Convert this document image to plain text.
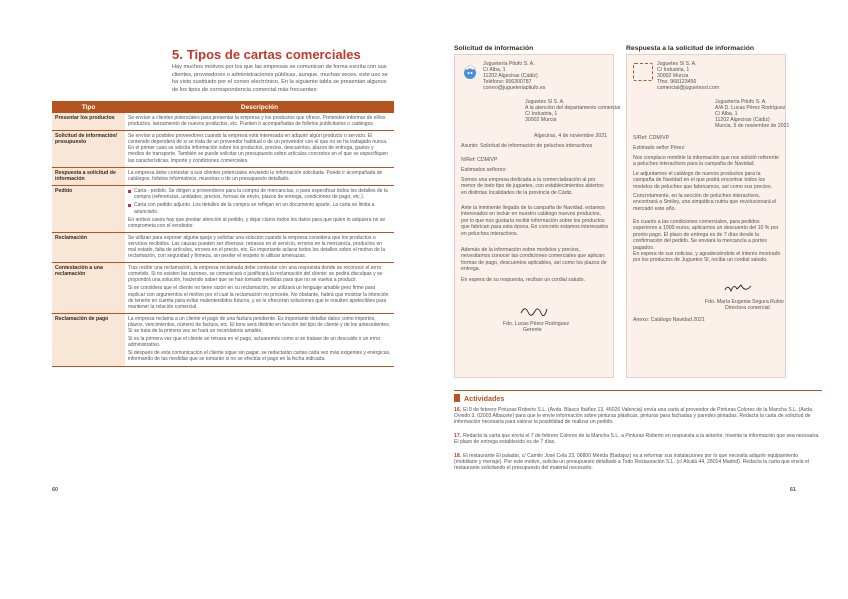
5. Tipos de cartas comerciales
Hay muchos motivos por los que las empresas se comunican de forma escrita con sus clientes, proveedores o administraciones públicas, aunque, muchas veces, este uso se ha visto sustituido por el correo electrónico. En la siguiente tabla se presentan algunos de los tipos de correspondencia comercial más frecuentes:
Tipo	Descripción
Presentar los productos	Se envían a clientes potenciales para presentar la empresa y los productos que ofrece. Pretenden informar de el/los productos, lanzamiento de nuevos productos, etc. Pueden ir acompañadas de folletos publicitarios o catálogos.

Solicitud de información/ presupuesto	Se envían a posibles proveedores cuando la empresa está interesada en adquirir algún producto o servicio. El contenido dependerá de si se trata de un proveedor habitual o de un proveedor con el que no se ha trabajado nunca. En el primer caso se solicita información sobre los productos, precios, descuentos, plazos de entrega, gastos y medios de transporte. También se puede solicitar un presupuesto sobre artículos concretos en el que se especifiquen las características, importe y condiciones comerciales.

Respuesta a solicitud de información	La empresa debe contestar a sus clientes potenciales enviando la información solicitada. Puede ir acompañada de catálogos, folletos informativos, muestras o de un presupuesto detallado.

Pedido	Carta - pedido. Se dirigen a proveedores para la compra de mercancías, o para especificar todos los detalles de la compra (referencias, unidades, precios, formas de envío, plazos de entrega, condiciones de pago, etc.).

Carta con pedido adjunto. Los detalles de la compra se reflejan en un documento aparte. La carta se limita a anunciarlo.

En ambos casos hay que prestar atención al pedido, y dejar claros todos los datos para que quien lo adquiera no se comprometa con el vendedor.

Reclamación	Se utilizan para exponer alguna queja y solicitar una solución cuando la empresa considera que los productos o servicios recibidos. Las causas pueden ser diversas: retrasos en el servicio, errores en la mercancía, productos en mal estado, falta de artículos, errores en el precio, etc. Es importante aclarar todos los detalles sobre el motivo de la reclamación, con seguridad y firmeza, sin perder el respeto ni utilizar amenazas.

Contestación a una reclamación	Tras recibir una reclamación, la empresa reclamada debe contestar con una respuesta donde se reconoce el error cometido. Si no existen las razones, se comunicará o justificará la reclamación del cliente: se pedirá disculpas y se propondrá una solución, haciendo saber que se han tomado medidas para que no se vuelva a producir.

Si se considera que el cliente no tiene razón en su reclamación, se utilizará un lenguaje amable pero firme para explicar con argumentos el motivo por el cual la reclamación no procede. No obstante, habrá que mostrar la intención de tenerle en cuenta para evitar malentendidos futuros, y se le ofrecerán soluciones que le resulten apetecibles para mantener la relación comercial.

Reclamación de pago	La empresa reclama a un cliente el pago de una factura pendiente. Es importante detallar datos como importes, plazos, vencimientos, número de factura, etc. El tono será distinto en función del tipo de cliente y de los antecedentes. Si se trata de la primera vez se hará un recordatorio amable.

Si es la primera vez que el cliente se retrasa en el pago, actuaremos como si se tratase de un descuido o un error administrativo.

Si después de esta comunicación el cliente sigue sin pagar, se redactarán cartas cada vez más exigentes y enérgicas, informando de las medidas que se tomarán si no se efectúa el pago en la fecha indicada.

60
Solicitud de información
Juguetería Pitufo S. A.
C/ Alba, 1
11202 Algeciras (Cádiz)
Teléfono: 956300787
correo@jugueteriapitufo.es
Juguetes Sl S. A.
A la atención del departamento comercial
C/ Industria, 1
30002 Murcia
Algeciras, 4 de noviembre 2021
Asunto: Solicitud de información de peluches interactivos
N/Ref: CDM/VP
Estimados señores:
Somos una empresa dedicada a la comercialización al por menor de todo tipo de juguetes, con establecimientos abiertos en distintas localidades de la provincia de Cádiz.
Ante la inminente llegada de la campaña de Navidad, estamos interesados en incluir en nuestro catálogo nuevos productos, por lo que nos gustaría recibir información sobre los productos que fabrican para esta época. En concreto estamos interesados en peluches interactivos.
Además de la información sobre modelos y precios, necesitamos conocer las condiciones comerciales que aplican: formas de pago, descuentos aplicables, así como los plazos de entrega.
En espera de su respuesta, reciban un cordial saludo.
Fdo. Lucas Pérez Rodríguez
Gerente
Respuesta a la solicitud de información
Juguetes Sl S. A.
C/ Industria, 1
30002 Murcia
Tfno. 968123456
comercial@juguetessl.com
Juguetería Pitufo S. A.
A/A D. Lucas Pérez Rodríguez
C/ Alba, 1
11202 Algeciras (Cádiz)
Murcia, 5 de noviembre de 2021
S/Ref: CDM/VP
Estimado señor Pérez:
Nos complace remitirle la información que nos solicitó referente a peluches interactivos para la campaña de Navidad.
Le adjuntamos el catálogo de nuevos productos para la campaña de Navidad en el que podrá encontrar todos los modelos de peluches que fabricamos, así como sus precios.
Concretamente, en la sección de peluches interactivos, encontrará a Smiley, una simpática nutria que revolucionará el mercado este año.
En cuanto a las condiciones comerciales, para pedidos superiores a 1000 euros, aplicamos un descuento del 10 % por pronto pago. El plazo de entrega es de 7 días desde la confirmación del pedido. Se enviará la mercancía a portes pagados.
En espera de sus noticias, y agradeciéndole el interés mostrado por los productos de Juguetes Sl, reciba un cordial saludo.
Fdo. María Eugenia Segura Rubio
Directora comercial
Anexo: Catálogo Navidad 2021
Actividades
16. El 8 de febrero Pinturas Roberto S.L. (Avda. Blasco Ibáñez 13, 46026 Valencia) envía una carta al proveedor de Pinturas Colores de la Mancha S.L. (Avda. Oviedo 3, 02003 Albacete) para que le envíe información sobre pinturas plásticas, pinturas para fachadas y paredes pintadas. Redacta la carta de solicitud de información necesaria para valorar la posibilidad de realizar un pedido.
17. Redacta la carta que envía el 7 de febrero Colores de la Mancha S.L. a Pinturas Roberto en respuesta a la anterior. Inventa la información que sea necesaria. El plazo de entrega establecido es de 7 días.
18. El restaurante El paladar, c/ Camilo José Cela 23, 06800 Mérida (Badajoz) va a reformar sus instalaciones por lo que necesita adquirir equipamiento (mobiliario y menaje). Por este motivo, solicita un presupuesto detallado a Todo Restauración S.L. (c/ Alcalá 44, 28014 Madrid). Redacta la carta que envía el restaurante solicitando el presupuesto del material necesario.
61
